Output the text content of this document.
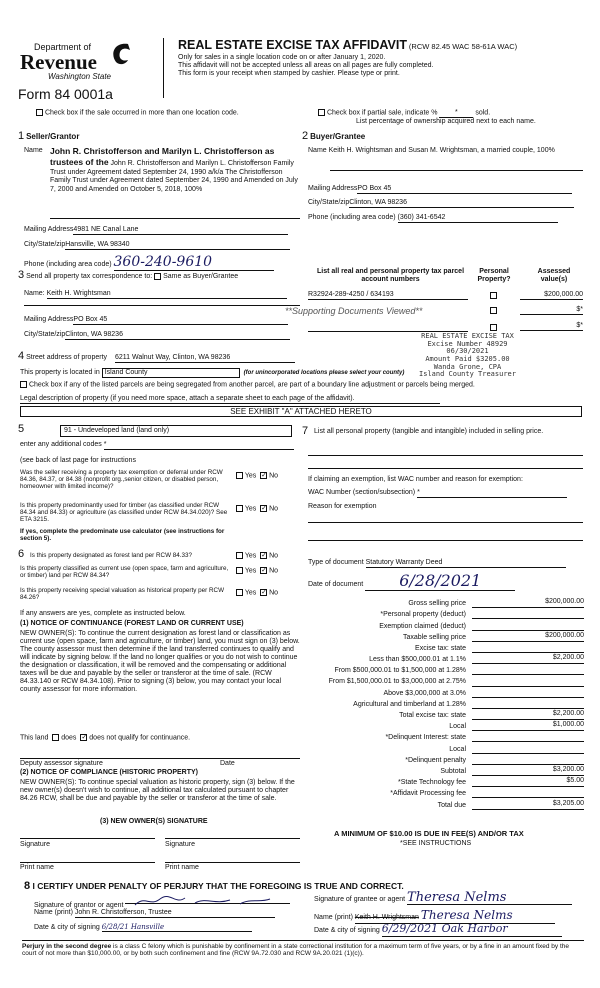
Department of
Revenue
Washington State
Form 84 0001a
REAL ESTATE EXCISE TAX AFFIDAVIT (RCW 82.45 WAC 58-61A WAC)
Only for sales in a single location code on or after January 1, 2020.
This affidavit will not be accepted unless all areas on all pages are fully completed.
This form is your receipt when stamped by cashier. Please type or print.
Check box if the sale occurred in more than one location code.	Check box if partial sale, indicate %	*	sold.
List percentage of ownership acquired next to each name.
1 Seller/Grantor
Name John R. Christofferson and Marilyn L. Christofferson as trustees of the John R. Christofferson and Marilyn L. Christofferson Family Trust under Agreement dated September 24, 1990 a/k/a The Christofferson Family Trust under Agreement dated September 24, 1990 and Amended on July 7, 2000 and Amended on October 5, 2018, 100%
Mailing Address4981 NE Canal Lane
City/State/zipHansville, WA 98340
Phone (including area code) 360-240-9610
2 Buyer/Grantee
Name Keith H. Wrightsman and Susan M. Wrightsman, a married couple, 100%
Mailing AddressPO Box 45
City/State/zipClinton, WA 98236
Phone (including area code) (360) 341-6542
3 Send all property tax correspondence to: Same as Buyer/Grantee
Name: Keith H. Wrightsman
Mailing AddressPO Box 45
City/State/zipClinton, WA 98236
List all real and personal property tax parcel account numbers
Personal Property?
Assessed value(s)
R32924-289-4250 / 634193	$200,000.00
**Supporting Documents Viewed**	$*
$*
REAL ESTATE EXCISE TAX
Excise Number 48929
06/30/2021
Amount Paid $3205.00
Wanda Grone, CPA
Island County Treasurer
4 Street address of property 6211 Walnut Way, Clinton, WA 98236
This property is located in Island County	(for unincorporated locations please select your county)
Check box if any of the listed parcels are being segregated from another parcel, are part of a boundary line adjustment or parcels being merged.
Legal description of property (if you need more space, attach a separate sheet to each page of the affidavit).
SEE EXHIBIT "A" ATTACHED HERETO
5	91 - Undeveloped land (land only)
enter any additional codes *
(see back of last page for instructions
Was the seller receiving a property tax exemption or deferral under RCW 84.36, 84.37, or 84.38 (nonprofit org.,senior citizen, or disabled person, homeowner with limited income)?
Yes ✓ No
Is this property predominantly used for timber (as classified under RCW 84.34 and 84.33) or agriculture (as classified under RCW 84.34.020)? See ETA 3215.
If yes, complete the predominate use calculator (see instructions for section 5).
Yes ✓ No
6 Is this property designated as forest land per RCW 84.33?	Yes ✓ No
Is this property classified as current use (open space, farm and agriculture, or timber) land per RCW 84.34?
Yes ✓ No
Is this property receiving special valuation as historical property per RCW 84.26?
Yes ✓ No
If any answers are yes, complete as instructed below.
(1) NOTICE OF CONTINUANCE (FOREST LAND OR CURRENT USE)
NEW OWNER(S): To continue the current designation as forest land or classification as current use (open space, farm and agriculture, or timber) land, you must sign on (3) below. The county assessor must then determine if the land transferred continues to qualify and will indicate by signing below. If the land no longer qualifies or you do not wish to continue the designation or classification, it will be removed and the compensating or additional taxes will be due and payable by the seller or transferor at the time of sale. (RCW 84.33.140 or RCW 84.34.108). Prior to signing (3) below, you may contact your local county assessor for more information.
This land does ✓ does not qualify for continuance.
Deputy assessor signature	Date
(2) NOTICE OF COMPLIANCE (HISTORIC PROPERTY)
NEW OWNER(S): To continue special valuation as historic property, sign (3) below. If the new owner(s) doesn't wish to continue, all additional tax calculated pursuant to chapter 84.26 RCW, shall be due and payable by the seller or transferor at the time of sale.
(3) NEW OWNER(S) SIGNATURE
Signature	Signature
Print name	Print name
7 List all personal property (tangible and intangible) included in selling price.
If claiming an exemption, list WAC number and reason for exemption:
WAC Number (section/subsection) *
Reason for exemption
Type of document Statutory Warranty Deed
Date of document 6/28/2021
Gross selling price	$200,000.00
*Personal property (deduct)
Exemption claimed (deduct)
Taxable selling price	$200,000.00
Excise tax: state
Less than $500,000.01 at 1.1%	$2,200.00
From $500,000.01 to $1,500,000 at 1.28%
From $1,500,000.01 to $3,000,000 at 2.75%
Above $3,000,000 at 3.0%
Agricultural and timberland at 1.28%
Total excise tax: state	$2,200.00
Local	$1,000.00
*Delinquent Interest: state
Local
*Delinquent penalty
Subtotal	$3,200.00
*State Technology fee	$5.00
*Affidavit Processing fee
Total due	$3,205.00
A MINIMUM OF $10.00 IS DUE IN FEE(S) AND/OR TAX
*SEE INSTRUCTIONS
8 I CERTIFY UNDER PENALTY OF PERJURY THAT THE FOREGOING IS TRUE AND CORRECT.
Signature of grantor or agent
Name (print) John R. Christofferson, Trustee
Date & city of signing 6/28/21 Hansville
Signature of grantee or agent Theresa Nelms
Name (print) Keith H. Wrightsman Theresa Nelms
Date & city of signing 6/29/2021 Oak Harbor
Perjury in the second degree is a class C felony which is punishable by confinement in a state correctional institution for a maximum term of five years, or by a fine in an amount fixed by the court of not more than $10,000.00, or by both such confinement and fine (RCW 9A.72.030 and RCW 9A.20.021 (1)(c)).
